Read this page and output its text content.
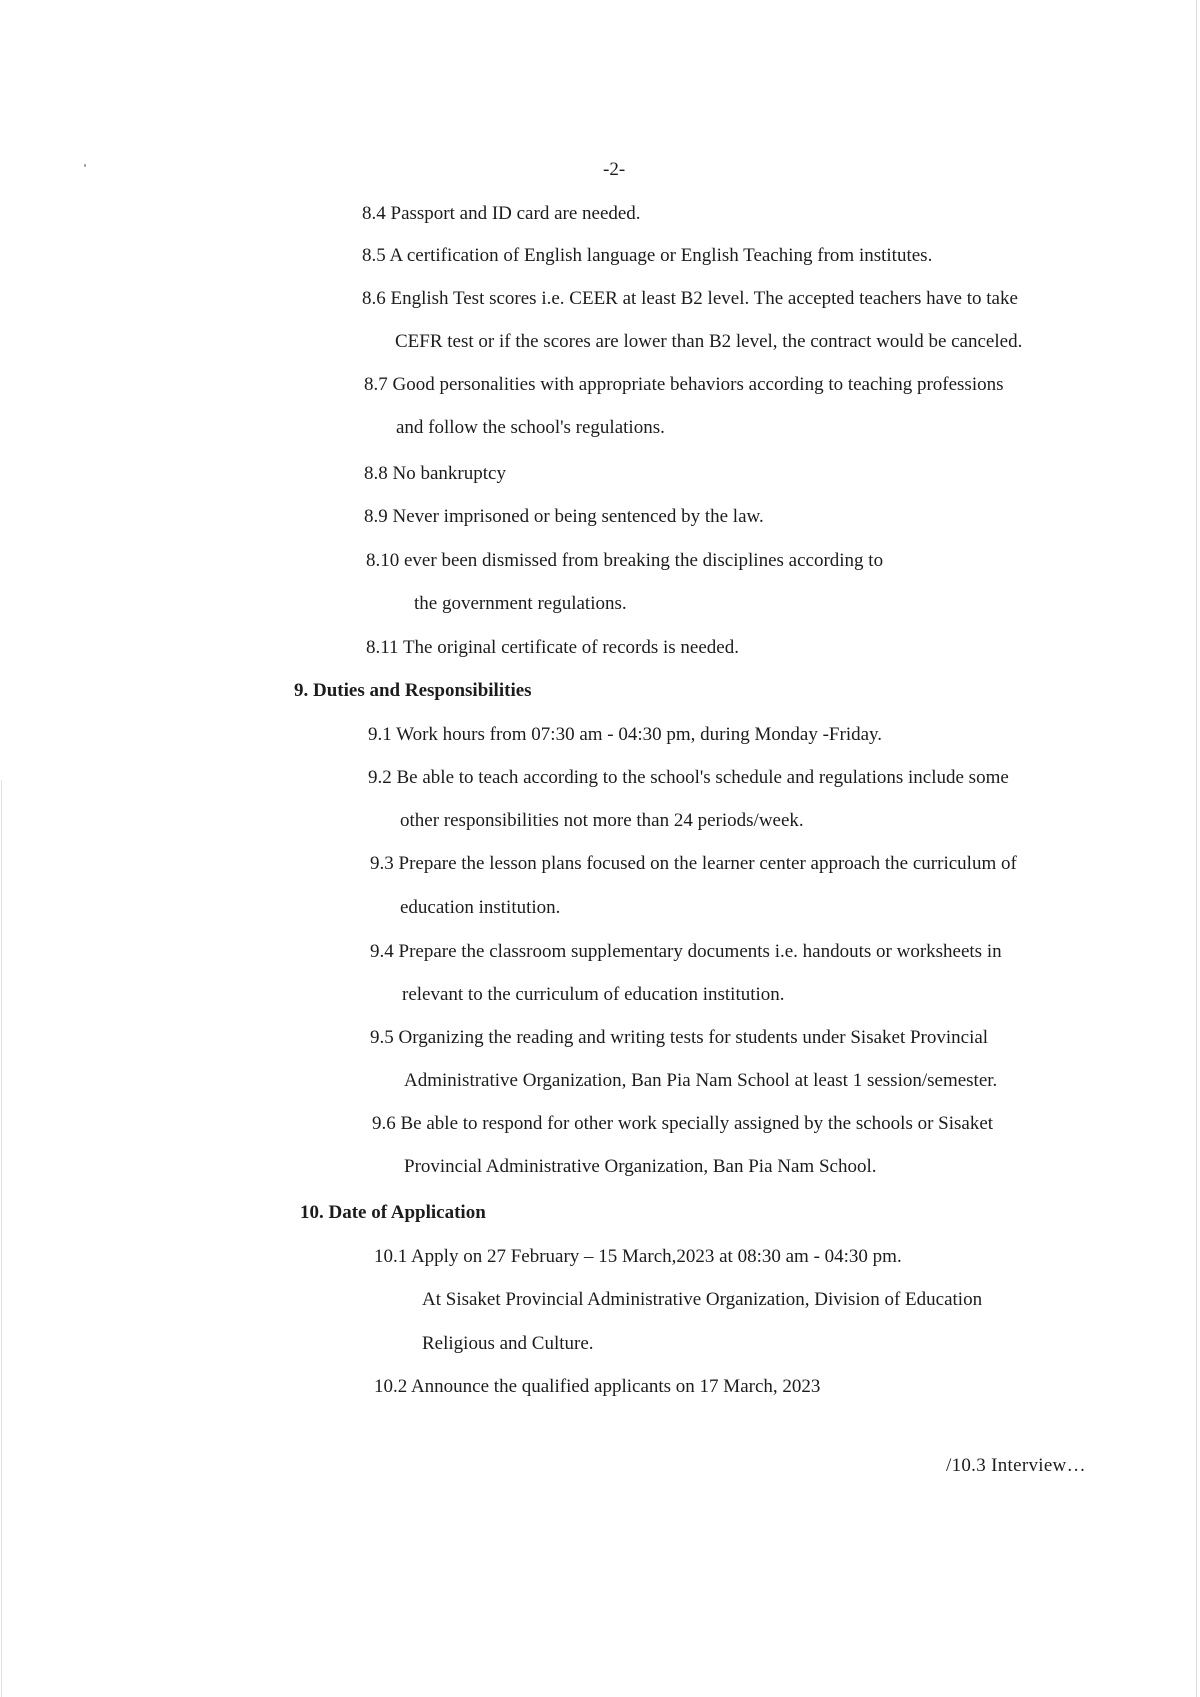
-2-
8.4 Passport and ID card are needed.
8.5 A certification of English language or English Teaching from institutes.
8.6 English Test scores i.e. CEER at least B2 level. The accepted teachers have to take
CEFR test or if the scores are lower than B2 level, the contract would be canceled.
8.7 Good personalities with appropriate behaviors according to teaching professions
and follow the school's regulations.
8.8 No bankruptcy
8.9 Never imprisoned or being sentenced by the law.
8.10 ever been dismissed from breaking the disciplines according to
the government regulations.
8.11 The original certificate of records is needed.
9. Duties and Responsibilities
9.1 Work hours from 07:30 am - 04:30 pm, during Monday -Friday.
9.2 Be able to teach according to the school's schedule and regulations include some
other responsibilities not more than 24 periods/week.
9.3 Prepare the lesson plans focused on the learner center approach the curriculum of
education institution.
9.4 Prepare the classroom supplementary documents i.e. handouts or worksheets in
relevant to the curriculum of education institution.
9.5 Organizing the reading and writing tests for students under Sisaket Provincial
Administrative Organization, Ban Pia Nam School at least 1 session/semester.
9.6 Be able to respond for other work specially assigned by the schools or Sisaket
Provincial Administrative Organization, Ban Pia Nam School.
10. Date of Application
10.1 Apply on 27 February – 15 March,2023 at 08:30 am - 04:30 pm.
At Sisaket Provincial Administrative Organization, Division of Education
Religious and Culture.
10.2 Announce the qualified applicants on 17 March, 2023
/10.3 Interview…
